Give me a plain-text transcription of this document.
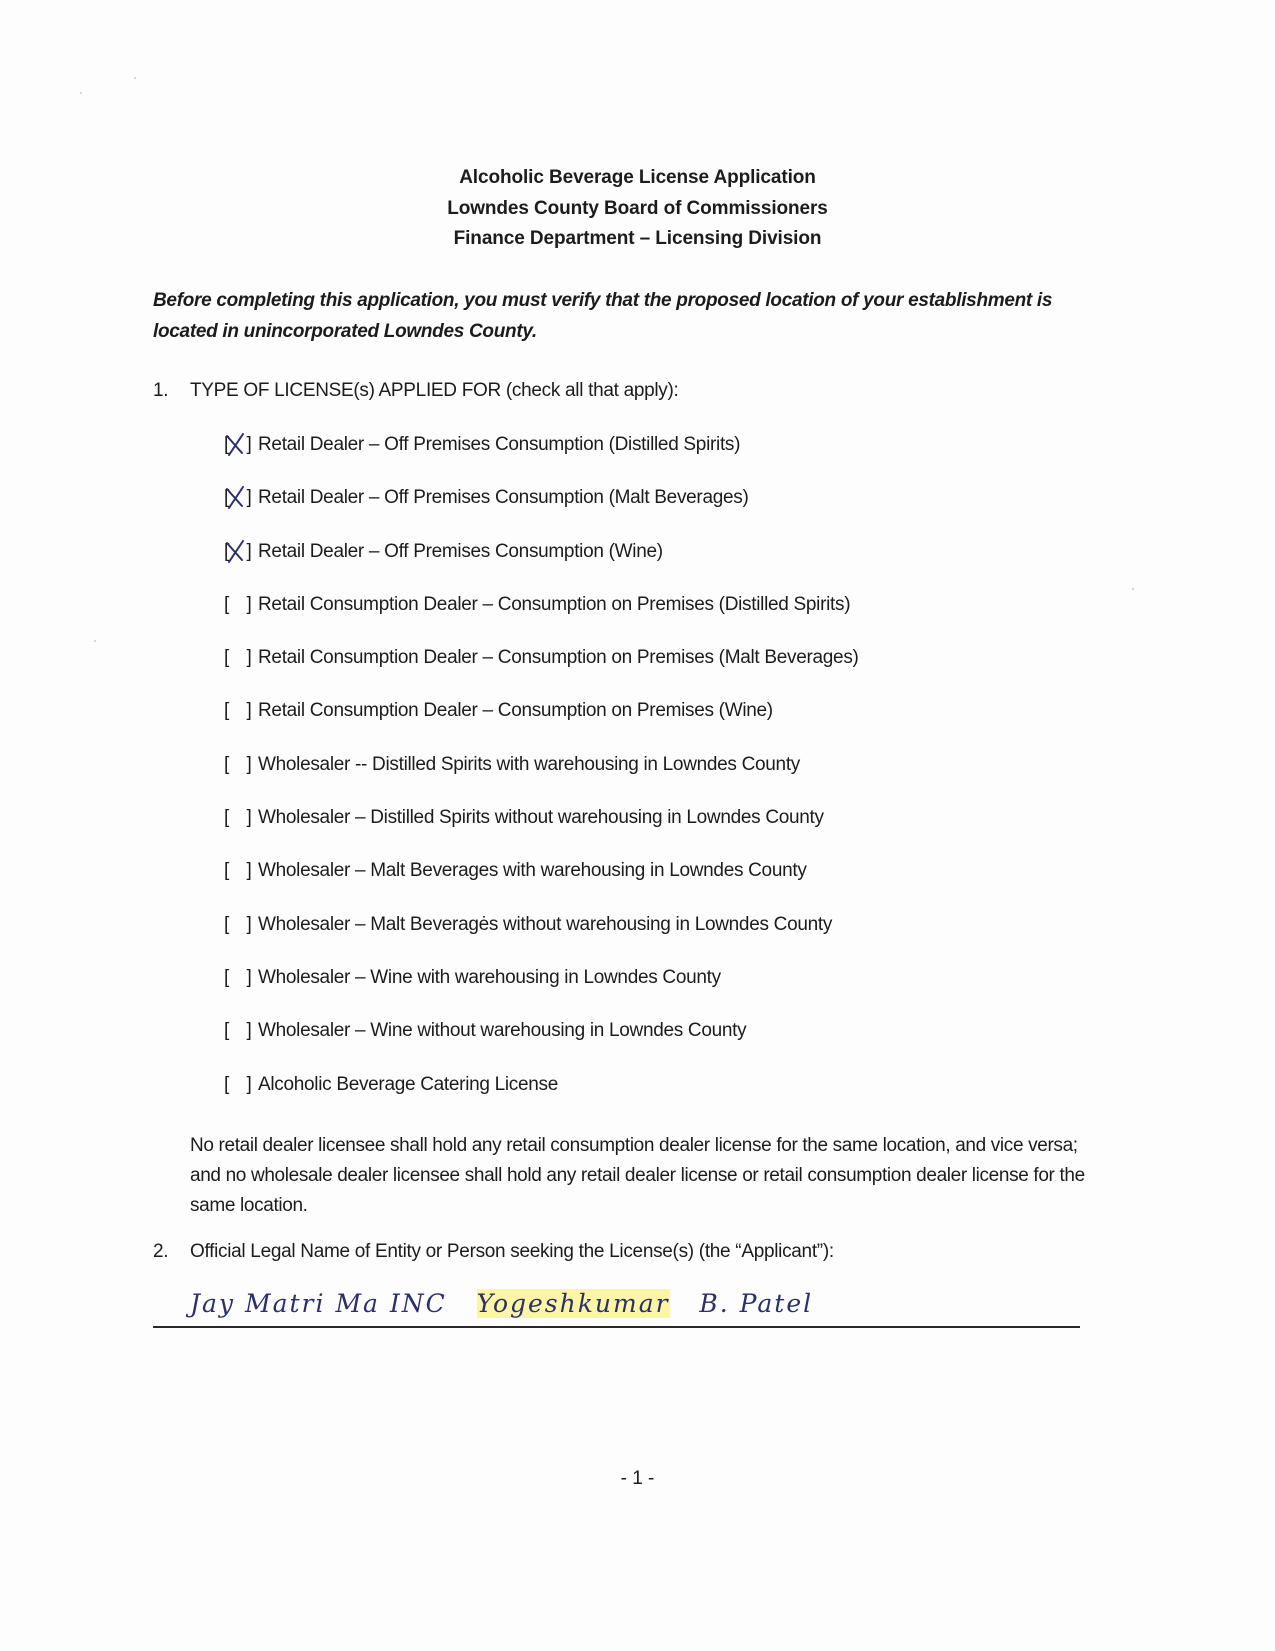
Alcoholic Beverage License Application
Lowndes County Board of Commissioners
Finance Department – Licensing Division
Before completing this application, you must verify that the proposed location of your establishment is located in unincorporated Lowndes County.
1. TYPE OF LICENSE(s) APPLIED FOR (check all that apply):
[ ] Retail Dealer – Off Premises Consumption (Distilled Spirits)
[ ] Retail Dealer – Off Premises Consumption (Malt Beverages)
[ ] Retail Dealer – Off Premises Consumption (Wine)
[ ] Retail Consumption Dealer – Consumption on Premises (Distilled Spirits)
[ ] Retail Consumption Dealer – Consumption on Premises (Malt Beverages)
[ ] Retail Consumption Dealer – Consumption on Premises (Wine)
[ ] Wholesaler -- Distilled Spirits with warehousing in Lowndes County
[ ] Wholesaler – Distilled Spirits without warehousing in Lowndes County
[ ] Wholesaler – Malt Beverages with warehousing in Lowndes County
[ ] Wholesaler – Malt Beveragės without warehousing in Lowndes County
[ ] Wholesaler – Wine with warehousing in Lowndes County
[ ] Wholesaler – Wine without warehousing in Lowndes County
[ ] Alcoholic Beverage Catering License
No retail dealer licensee shall hold any retail consumption dealer license for the same location, and vice versa; and no wholesale dealer licensee shall hold any retail dealer license or retail consumption dealer license for the same location.
2. Official Legal Name of Entity or Person seeking the License(s) (the “Applicant”):
Jay Matri Ma INC Yogeshkumar B. Patel
- 1 -
